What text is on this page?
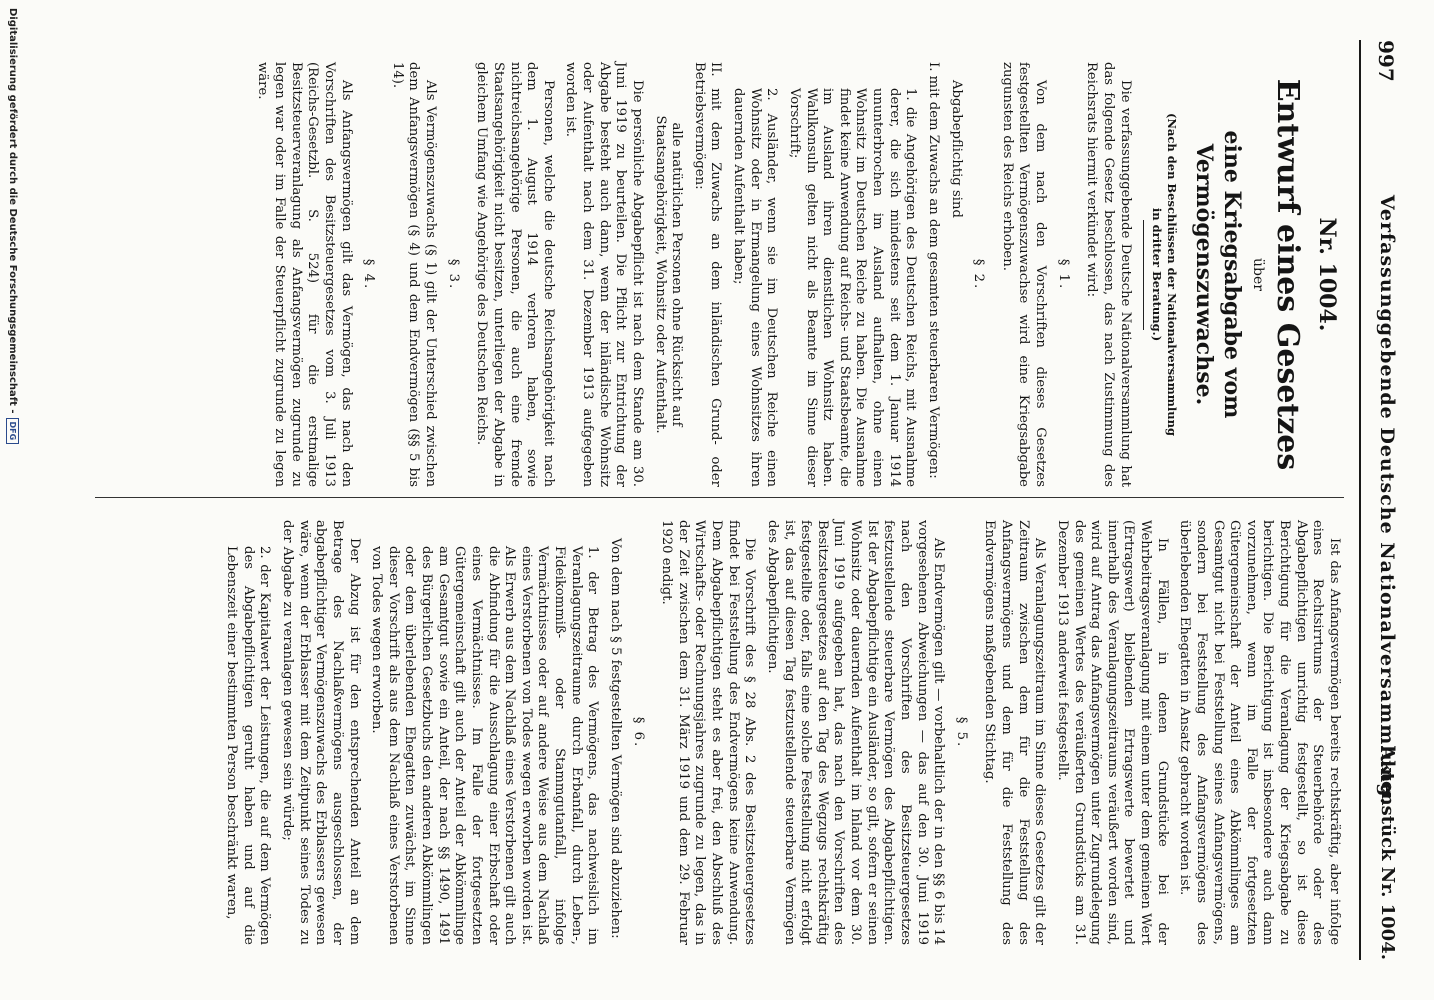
997
Verfassunggebende Deutsche Nationalversammlung.
Aktenstück Nr. 1004.
Nr. 1004.
Entwurf eines Gesetzes
über
eine Kriegsabgabe vom Vermögenszuwachse.
(Nach den Beschlüssen der Nationalversammlung
in dritter Beratung.)

Die verfassunggebende Deutsche Nationalversammlung hat das folgende Gesetz beschlossen, das nach Zustimmung des Reichsrats hiermit verkündet wird:

§ 1.

Von dem nach den Vorschriften dieses Gesetzes festgestellten Vermögenszuwachse wird eine Kriegsabgabe zugunsten des Reichs erhoben.

§ 2.

Abgabepflichtig sind

I. mit dem Zuwachs an dem gesamten steuerbaren Vermögen:

1. die Angehörigen des Deutschen Reichs, mit Ausnahme derer, die sich mindestens seit dem 1. Januar 1914 ununterbrochen im Ausland aufhalten, ohne einen Wohnsitz im Deutschen Reiche zu haben. Die Ausnahme findet keine Anwendung auf Reichs- und Staatsbeamte, die im Ausland ihren dienstlichen Wohnsitz haben. Wahlkonsuln gelten nicht als Beamte im Sinne dieser Vorschrift;

2. Ausländer, wenn sie im Deutschen Reiche einen Wohnsitz oder in Ermangelung eines Wohnsitzes ihren dauernden Aufenthalt haben;

II. mit dem Zuwachs an dem inländischen Grund- oder Betriebsvermögen:

alle natürlichen Personen ohne Rücksicht auf Staatsangehörigkeit, Wohnsitz oder Aufenthalt.

Die persönliche Abgabepflicht ist nach dem Stande am 30. Juni 1919 zu beurteilen. Die Pflicht zur Entrichtung der Abgabe besteht auch dann, wenn der inländische Wohnsitz oder Aufenthalt nach dem 31. Dezember 1913 aufgegeben worden ist.

Personen, welche die deutsche Reichsangehörigkeit nach dem 1. August 1914 verloren haben, sowie nichtreichsangehörige Personen, die auch eine fremde Staatsangehörigkeit nicht besitzen, unterliegen der Abgabe in gleichem Umfang wie Angehörige des Deutschen Reichs.

§ 3.

Als Vermögenszuwachs (§ 1) gilt der Unterschied zwischen dem Anfangsvermögen (§ 4) und dem Endvermögen (§§ 5 bis 14).

§ 4.

Als Anfangsvermögen gilt das Vermögen, das nach den Vorschriften des Besitzsteuergesetzes vom 3. Juli 1913 (Reichs-Gesetzbl. S. 524) für die erstmalige Besitzsteuerveranlagung als Anfangsvermögen zugrunde zu legen war oder im Falle der Steuerpflicht zugrunde zu legen wäre.

Ist das Anfangsvermögen bereits rechtskräftig, aber infolge eines Rechtsirrtums der Steuerbehörde oder des Abgabepflichtigen unrichtig festgestellt, so ist diese Berichtigung für die Veranlagung der Kriegsabgabe zu berichtigen. Die Berichtigung ist insbesondere auch dann vorzunehmen, wenn im Falle der fortgesetzten Gütergemeinschaft der Anteil eines Abkömmlinges am Gesamtgut nicht bei Feststellung seines Anfangsvermögens, sondern bei Feststellung des Anfangsvermögens des überlebenden Ehegatten in Ansatz gebracht worden ist.

In Fällen, in denen Grundstücke bei der Wehrbeitragsveranlagung mit einem unter dem gemeinen Wert (Ertragswert) bleibenden Ertragswerte bewertet und innerhalb des Veranlagungszeitraums veräußert worden sind, wird auf Antrag das Anfangsvermögen unter Zugrundelegung des gemeinen Wertes des veräußerten Grundstücks am 31. Dezember 1913 anderweit festgestellt.

Als Veranlagungszeitraum im Sinne dieses Gesetzes gilt der Zeitraum zwischen dem für die Feststellung des Anfangsvermögens und dem für die Feststellung des Endvermögens maßgebenden Stichtag.

§ 5.

Als Endvermögen gilt — vorbehaltlich der in den §§ 6 bis 14 vorgesehenen Abweichungen — das auf den 30. Juni 1919 nach den Vorschriften des Besitzsteuergesetzes festzustellende steuerbare Vermögen des Abgabepflichtigen. Ist der Abgabepflichtige ein Ausländer, so gilt, sofern er seinen Wohnsitz oder dauernden Aufenthalt im Inland vor dem 30. Juni 1919 aufgegeben hat, das nach den Vorschriften des Besitzsteuergesetzes auf den Tag des Wegzugs rechtskräftig festgestellte oder, falls eine solche Feststellung nicht erfolgt ist, das auf diesen Tag festzustellende steuerbare Vermögen des Abgabepflichtigen.

Die Vorschrift des § 28 Abs. 2 des Besitzsteuergesetzes findet bei Feststellung des Endvermögens keine Anwendung. Dem Abgabepflichtigen steht es aber frei, den Abschluß des Wirtschafts- oder Rechnungsjahres zugrunde zu legen, das in der Zeit zwischen dem 31. März 1919 und dem 29. Februar 1920 endigt.

§ 6.

Von dem nach § 5 festgestellten Vermögen sind abzuziehen:

1. der Betrag des Vermögens, das nachweislich im Veranlagungszeitraume durch Erbanfall, durch Leben-, Fideikommiß- oder Stammgutanfall, infolge Vermächtnisses oder auf andere Weise aus dem Nachlaß eines Verstorbenen von Todes wegen erworben worden ist. Als Erwerb aus dem Nachlaß eines Verstorbenen gilt auch die Abfindung für die Ausschlagung einer Erbschaft oder eines Vermächtnisses. Im Falle der fortgesetzten Gütergemeinschaft gilt auch der Anteil der Abkömmlinge am Gesamtgut sowie ein Anteil, der nach §§ 1490, 1491 des Bürgerlichen Gesetzbuchs den anderen Abkömmlingen oder dem überlebenden Ehegatten zuwächst, im Sinne dieser Vorschrift als aus dem Nachlaß eines Verstorbenen von Todes wegen erworben.

Der Abzug ist für den entsprechenden Anteil an dem Betrage des Nachlaßvermögens ausgeschlossen, der abgabepflichtiger Vermögenszuwachs des Erblassers gewesen wäre, wenn der Erblasser mit dem Zeitpunkt seines Todes zu der Abgabe zu veranlagen gewesen sein würde;

2. der Kapitalwert der Leistungen, die auf dem Vermögen des Abgabepflichtigen geruht haben und auf die Lebenszeit einer bestimmten Person beschränkt waren,

Digitalisierung gefördert durch die Deutsche Forschungsgemeinschaft -
DFG
